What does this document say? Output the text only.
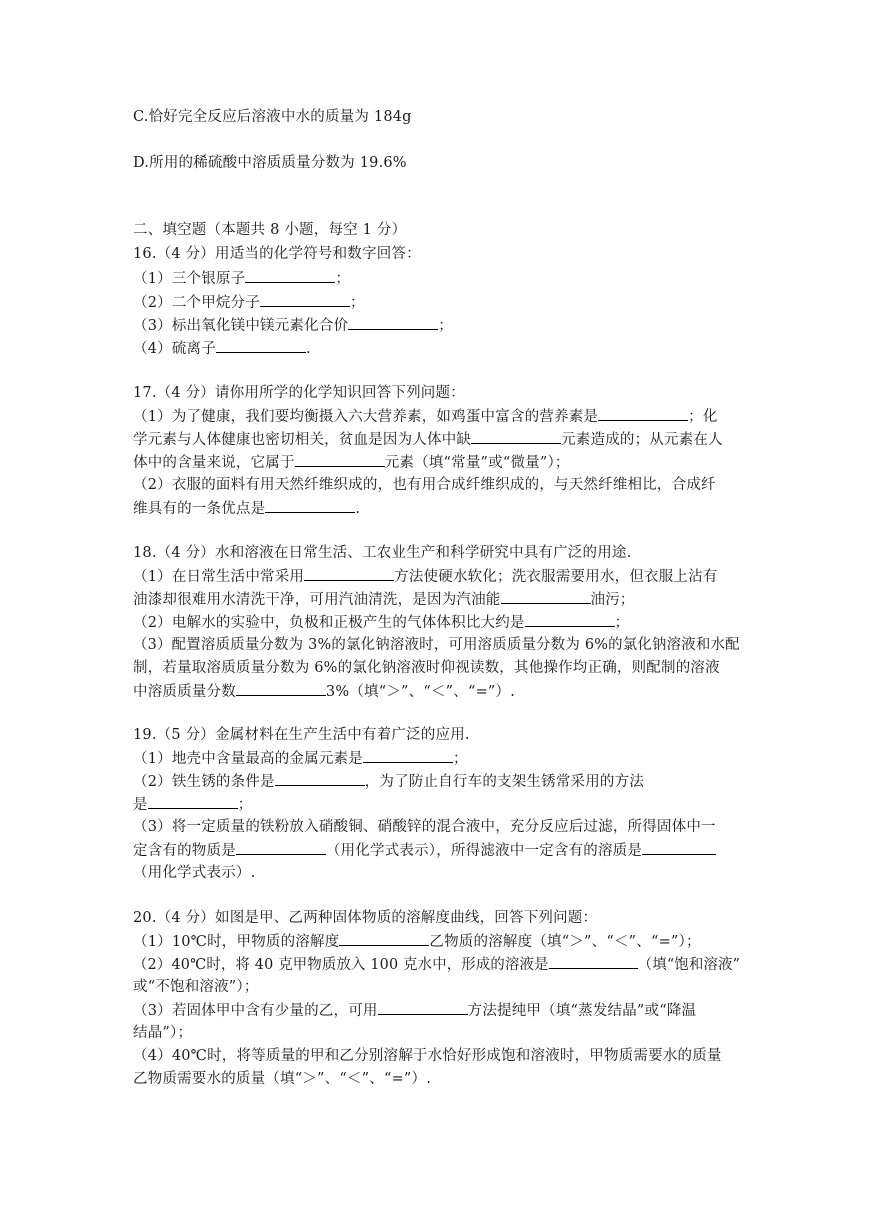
C.恰好完全反应后溶液中水的质量为 184g
D.所用的稀硫酸中溶质质量分数为 19.6%
二、填空题（本题共 8 小题，每空 1 分）
16.（4 分）用适当的化学符号和数字回答：
（1）三个银原子	；
（2）二个甲烷分子	；
（3）标出氧化镁中镁元素化合价	；
（4）硫离子	.
17.（4 分）请你用所学的化学知识回答下列问题：
（1）为了健康，我们要均衡摄入六大营养素，如鸡蛋中富含的营养素是	；化
学元素与人体健康也密切相关，贫血是因为人体中缺	元素造成的；从元素在人
体中的含量来说，它属于	元素（填“常量”或“微量”）；
（2）衣服的面料有用天然纤维织成的，也有用合成纤维织成的，与天然纤维相比，合成纤
维具有的一条优点是	.
18.（4 分）水和溶液在日常生活、工农业生产和科学研究中具有广泛的用途.
（1）在日常生活中常采用	方法使硬水软化；洗衣服需要用水，但衣服上沾有
油漆却很难用水清洗干净，可用汽油清洗，是因为汽油能	油污；
（2）电解水的实验中，负极和正极产生的气体体积比大约是	；
（3）配置溶质质量分数为 3%的氯化钠溶液时，可用溶质质量分数为 6%的氯化钠溶液和水配
制，若量取溶质质量分数为 6%的氯化钠溶液时仰视读数，其他操作均正确，则配制的溶液
中溶质质量分数	3%（填“＞”、“＜”、“=”）.
19.（5 分）金属材料在生产生活中有着广泛的应用.
（1）地壳中含量最高的金属元素是	；
（2）铁生锈的条件是	，为了防止自行车的支架生锈常采用的方法
是	；
（3）将一定质量的铁粉放入硝酸铜、硝酸锌的混合液中，充分反应后过滤，所得固体中一
定含有的物质是	（用化学式表示），所得滤液中一定含有的溶质是
（用化学式表示）.
20.（4 分）如图是甲、乙两种固体物质的溶解度曲线，回答下列问题：
（1）10℃时，甲物质的溶解度	乙物质的溶解度（填“＞”、“＜”、“=”）；
（2）40℃时，将 40 克甲物质放入 100 克水中，形成的溶液是	（填“饱和溶液”
或“不饱和溶液”）；
（3）若固体甲中含有少量的乙，可用	方法提纯甲（填“蒸发结晶”或“降温
结晶”）；
（4）40℃时，将等质量的甲和乙分别溶解于水恰好形成饱和溶液时，甲物质需要水的质量
乙物质需要水的质量（填“＞”、“＜”、“=”）.
